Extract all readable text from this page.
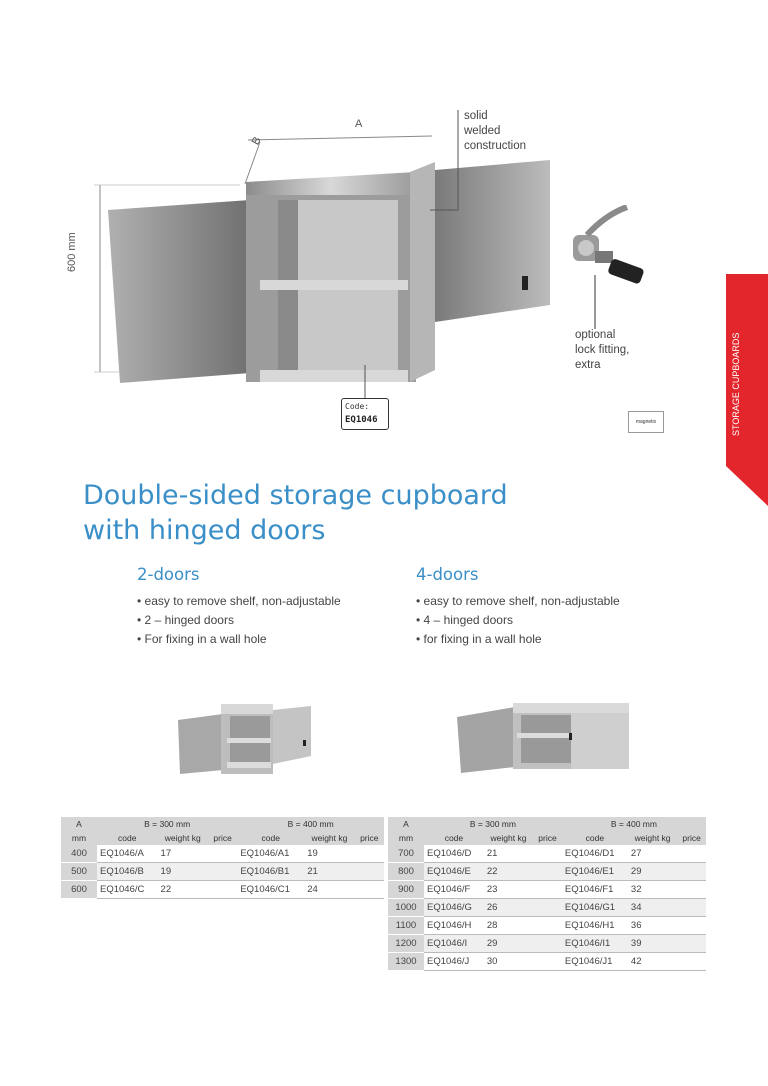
STORAGE CUPBOARDS
A
B
600 mm
solid
welded
construction
optional
lock fitting,
extra
Code:
EQ1046	magnetix
Double-sided storage cupboard
with hinged doors
2-doors
• easy to remove shelf, non-adjustable
• 2 – hinged doors
• For fixing in a wall hole
4-doors
• easy to remove shelf, non-adjustable
• 4 – hinged doors
• for fixing in a wall hole
A	B = 300 mm			B = 400 mm		
mm	code	weight kg	price	code	weight kg	price
400	EQ1046/A	17		EQ1046/A1	19	
500	EQ1046/B	19		EQ1046/B1	21	
600	EQ1046/C	22		EQ1046/C1	24	
A	B = 300 mm			B = 400 mm		
mm	code	weight kg	price	code	weight kg	price
700	EQ1046/D	21		EQ1046/D1	27	
800	EQ1046/E	22		EQ1046/E1	29	
900	EQ1046/F	23		EQ1046/F1	32	
1000	EQ1046/G	26		EQ1046/G1	34	
1100	EQ1046/H	28		EQ1046/H1	36	
1200	EQ1046/I	29		EQ1046/I1	39	
1300	EQ1046/J	30		EQ1046/J1	42	
